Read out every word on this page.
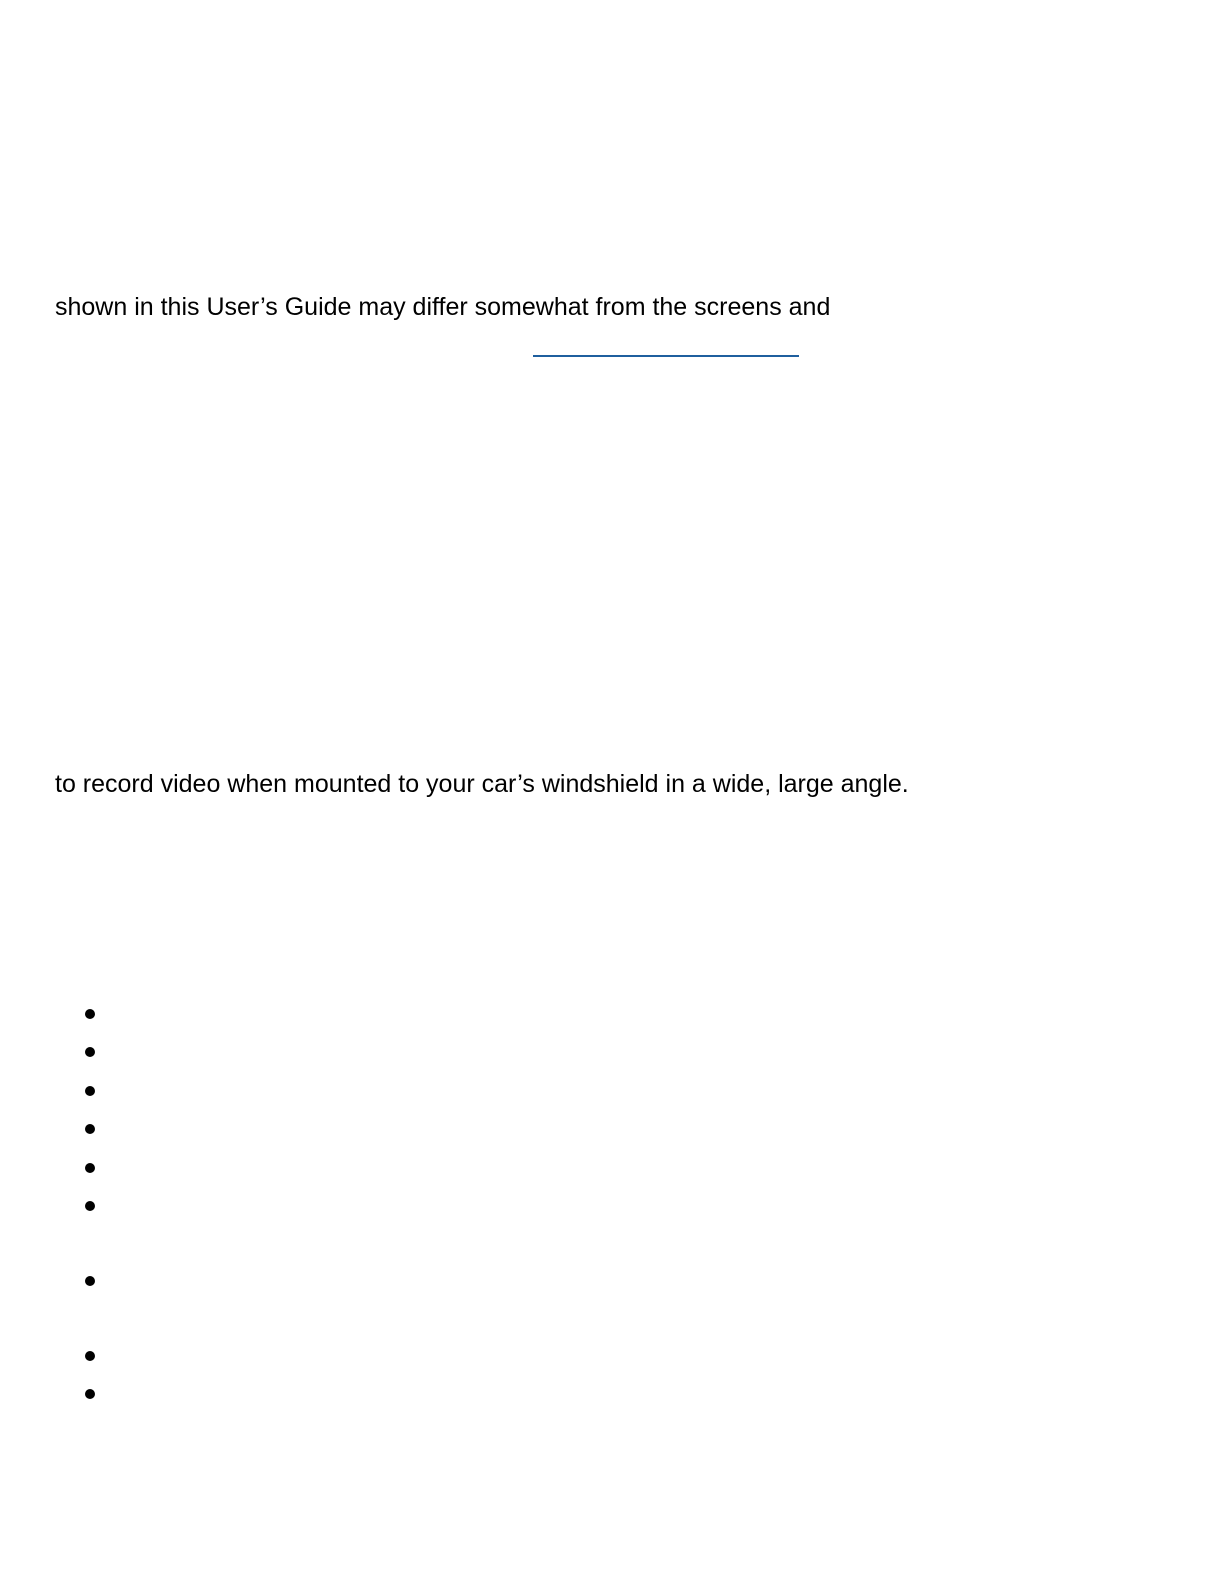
shown in this User’s Guide may differ somewhat from the screens and

to record video when mounted to your car’s windshield in a wide, large angle.
